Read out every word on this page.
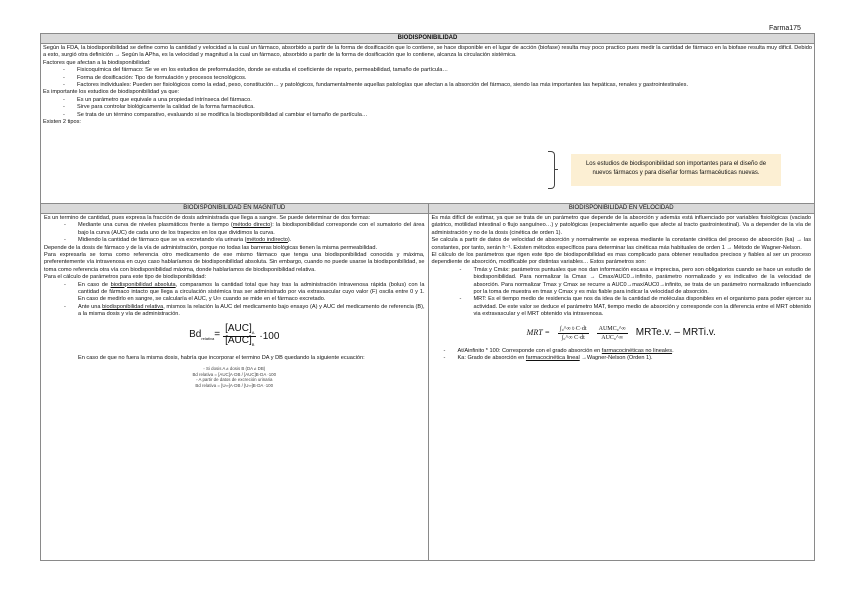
Farma175
BIODISPONIBILIDAD

Según la FDA, la biodisponibilidad se define como la cantidad y velocidad a la cual un fármaco, absorbido a partir de la forma de dosificación que lo contiene, se hace disponible en el lugar de acción (biofase) resulta muy poco practico pues medir la cantidad de fármaco en la biofase resulta muy dificil. Debido a esto, surgió otra definición → Según la APha, es la velocidad y magnitud a la cual un fármaco, absorbido a partir de la forma de dosificación que lo contiene, alcanza la circulación sistémica.

Factores que afectan a la biodisponibilidad:

- Fisicoquímica del fármaco: Se ve en los estudios de preformulación, donde se estudia el coeficiente de reparto, permeabilidad, tamaño de partícula…
- Forma de dosificación: Tipo de formulación y procesos tecnológicos.
- Factores individuales: Pueden ser fisiológicos como la edad, peso, constitución… y patológicos, fundamentalmente aquellas patologías que afectan a la absorción del fármaco, siendo las más importantes las hepáticas, renales y gastrointestinales.

Es importante los estudios de biodisponibilidad ya que:

- Es un parámetro que equivale a una propiedad intrínseca del fármaco.
- Sirve para controlar biológicamente la calidad de la forma farmacéutica.
- Se trata de un término comparativo, evaluando si se modifica la biodisponibilidad al cambiar el tamaño de partícula…

Existen 2 tipos:

Los estudios de biodisponibilidad son importantes para el diseño de nuevos fármacos y para diseñar formas farmacéuticas nuevas.
BIODISPONIBILIDAD EN MAGNITUD

Es un termino de cantidad, pues expresa la fracción de dosis administrada que llega a sangre. Se puede determinar de dos formas:

- Mediante una curva de niveles plasmáticos frente a tiempo (método directo): la biodisponibilidad corresponde con el sumatorio del área bajo la curva (AUC) de cada uno de los trapecios en los que dividimos la curva.
- Midiendo la cantidad de fármaco que se va excretando vía urinaria (método indirecto).

Depende de la dosis de fármaco y de la vía de administración, porque no todas las barreras biológicas tienen la misma permeabilidad.

Para expresarla se toma como referencia otro medicamento de ese mismo fármaco que tenga una biodisponibilidad conocida y máxima, preferentemente vía intravenosa en cuyo caso hablaríamos de biodisponibilidad absoluta. Sin embargo, cuando no puede usarse la biodisponibilidad, se toma como referencia otra vía con biodisponibilidad máxima, donde hablaríamos de biodisponibilidad relativa.

Para el cálculo de parámetros para este tipo de biodisponibilidad:

- En caso de biodisponibilidad absoluta, comparamos la cantidad total que hay tras la administración intravenosa rápida (bolus) con la cantidad de fármaco intacto que llega a circulación sistémica tras ser administrado por via extravascular cuyo valor (F) oscila entre 0 y 1. En caso de medirlo en sangre, se calcularía el AUC, y U∞ cuando se mide en el fármaco excretado.
- Ante una biodisponibilidad relativa, mismos la relación la AUC del medicamento bajo ensayo (A) y AUC del medicamento de referencia (B), a la misma dosis y vía de administración.
$Bd_{relativa}= \frac{[AUC]_A}{[AUC]_B} \cdot 100$

En caso de que no fuera la misma dosis, habría que incorporar el termino DA y DB quedando la siguiente ecuación:

◦ Si dosis A ≠ dosis B (DA ≠ DB)
Bd relativa = [AUC]A·DB / [AUC]B·DA ·100
◦ A partir de datos de excreción urinaria
Bd relativa = [U∞]A·DB / [U∞]B·DA ·100
BIODISPONIBILIDAD EN VELOCIDAD

Es más difícil de estimar, ya que se trata de un parámetro que depende de la absorción y además está influenciado por variables fisiológicas (vaciado gástrico, motilidad intestinal o flujo sanguíneo…) y patológicas (especialmente aquello que afecte al tracto gastrointestinal). Va a depender de la vía de administración y no de la dosis (cinética de orden 1).

Se calcula a partir de datos de velocidad de absorción y normalmente se expresa mediante la constante cinética del proceso de absorción (ka) → las constantes, por tanto, serán h⁻¹. Existen métodos específicos para determinar las cinéticas más habituales de orden 1 → Método de Wagner-Nelson.

El cálculo de los parámetros que rigen este tipo de biodisponibilidad es mas complicado para obtener resultados precisos y fiables al ser un proceso dependiente de absorción, modificable por distintas variables… Estos parámetros son:

- Tmáx y Cmáx: parámetros puntuales que nos dan información escasa e imprecisa, pero son obligatorios cuando se hace un estudio de biodisponibilidad. Para normalizar la Cmax → Cmax/AUC0→infinito, parámetro normalizado y es indicativo de la velocidad de absorción. Para normalizar Tmax y Cmax se recurre a AUC0→max/AUC0→infinito, se trata de un parámetro normalizado influenciado por la toma de muestra en tmax y Cmax y es más fiable para indicar la velocidad de absorción.
- MRT: Es el tiempo medio de residencia que nos da idea de la cantidad de moléculas disponibles en el organismo para poder ejercer su actividad. De este valor se deduce el parámetro MAT, tiempo medio de absorción y corresponde con la diferencia entre el MRT obtenido via extravascular y el MRT obtenido vía intravenosa.
MRT = $\frac{\text{∫₀\textasciicircum{}∞ t·C·dt}}{\text{∫₀\textasciicircum{}∞ C·dt}} \frac{\text{AUMC₀\textasciicircum{}∞}}{\text{AUC₀\textasciicircum{}∞}}$ MRTe.v. – MRTi.v.
- At/Ainfinito * 100: Corresponde con el grado absorción en farmacocinéticas no lineales.
- Ka: Grado de absorción en farmacocinética lineal →Wagner-Nelson (Orden 1).
